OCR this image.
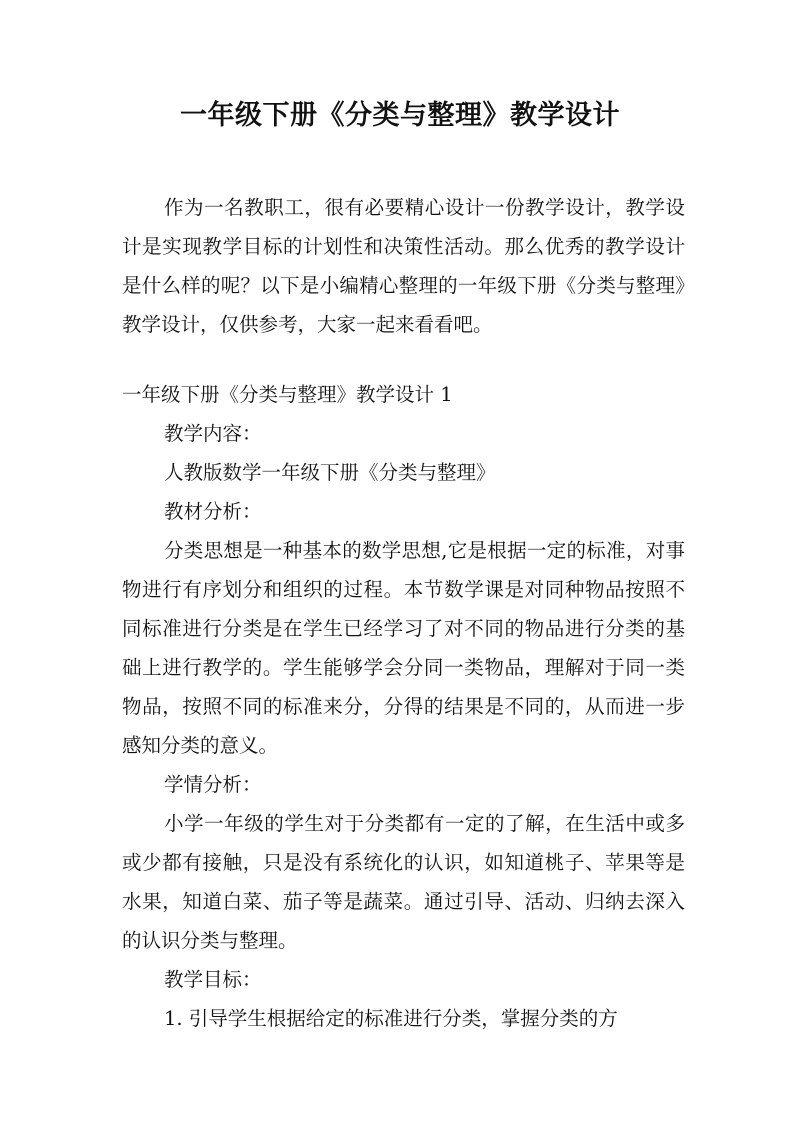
一年级下册《分类与整理》教学设计

作为一名教职工，很有必要精心设计一份教学设计，教学设计是实现教学目标的计划性和决策性活动。那么优秀的教学设计是什么样的呢？以下是小编精心整理的一年级下册《分类与整理》教学设计，仅供参考，大家一起来看看吧。

一年级下册《分类与整理》教学设计 1

教学内容：

人教版数学一年级下册《分类与整理》

教材分析：

分类思想是一种基本的数学思想,它是根据一定的标准，对事物进行有序划分和组织的过程。本节数学课是对同种物品按照不同标准进行分类是在学生已经学习了对不同的物品进行分类的基础上进行教学的。学生能够学会分同一类物品，理解对于同一类物品，按照不同的标准来分，分得的结果是不同的，从而进一步感知分类的意义。

学情分析：

小学一年级的学生对于分类都有一定的了解，在生活中或多或少都有接触，只是没有系统化的认识，如知道桃子、苹果等是水果，知道白菜、茄子等是蔬菜。通过引导、活动、归纳去深入的认识分类与整理。

教学目标：

1. 引导学生根据给定的标准进行分类，掌握分类的方
